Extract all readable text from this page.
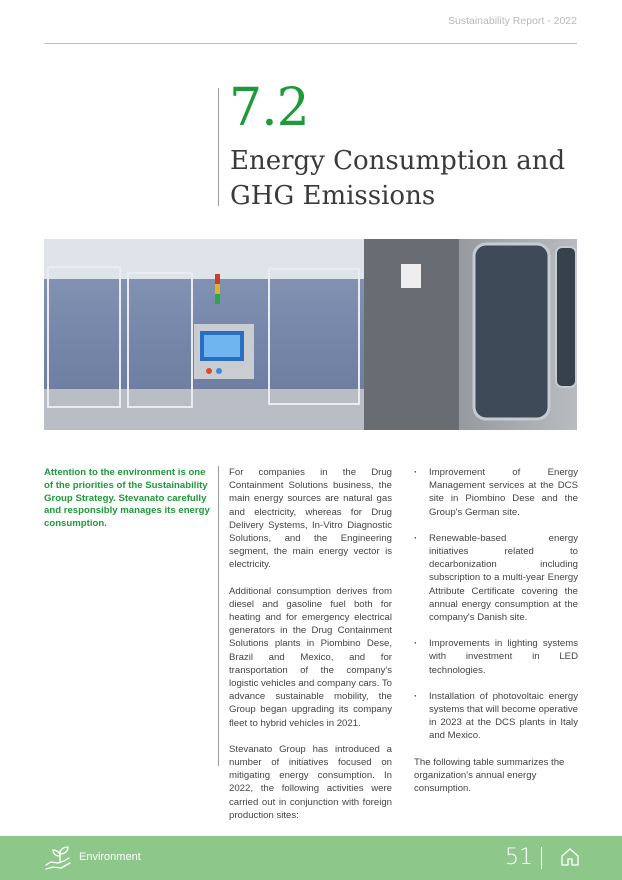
Sustainability Report - 2022
7.2
Energy Consumption and GHG Emissions
Attention to the environment is one of the priorities of the Sustainability Group Strategy. Stevanato carefully and responsibly manages its energy consumption.

For companies in the Drug Containment Solutions business, the main energy sources are natural gas and electricity, whereas for Drug Delivery Systems, In-Vitro Diagnostic Solutions, and the Engineering segment, the main energy vector is electricity.

Additional consumption derives from diesel and gasoline fuel both for heating and for emergency electrical generators in the Drug Containment Solutions plants in Piombino Dese, Brazil and Mexico, and for transportation of the company's logistic vehicles and company cars. To advance sustainable mobility, the Group began upgrading its company fleet to hybrid vehicles in 2021.

Stevanato Group has introduced a number of initiatives focused on mitigating energy consumption. In 2022, the following activities were carried out in conjunction with foreign production sites:

· Improvement of Energy Management services at the DCS site in Piombino Dese and the Group's German site.
· Renewable-based energy initiatives related to decarbonization including subscription to a multi-year Energy Attribute Certificate covering the annual energy consumption at the company's Danish site.
· Improvements in lighting systems with investment in LED technologies.
· Installation of photovoltaic energy systems that will become operative in 2023 at the DCS plants in Italy and Mexico.

The following table summarizes the organization's annual energy consumption.

Environment	51
